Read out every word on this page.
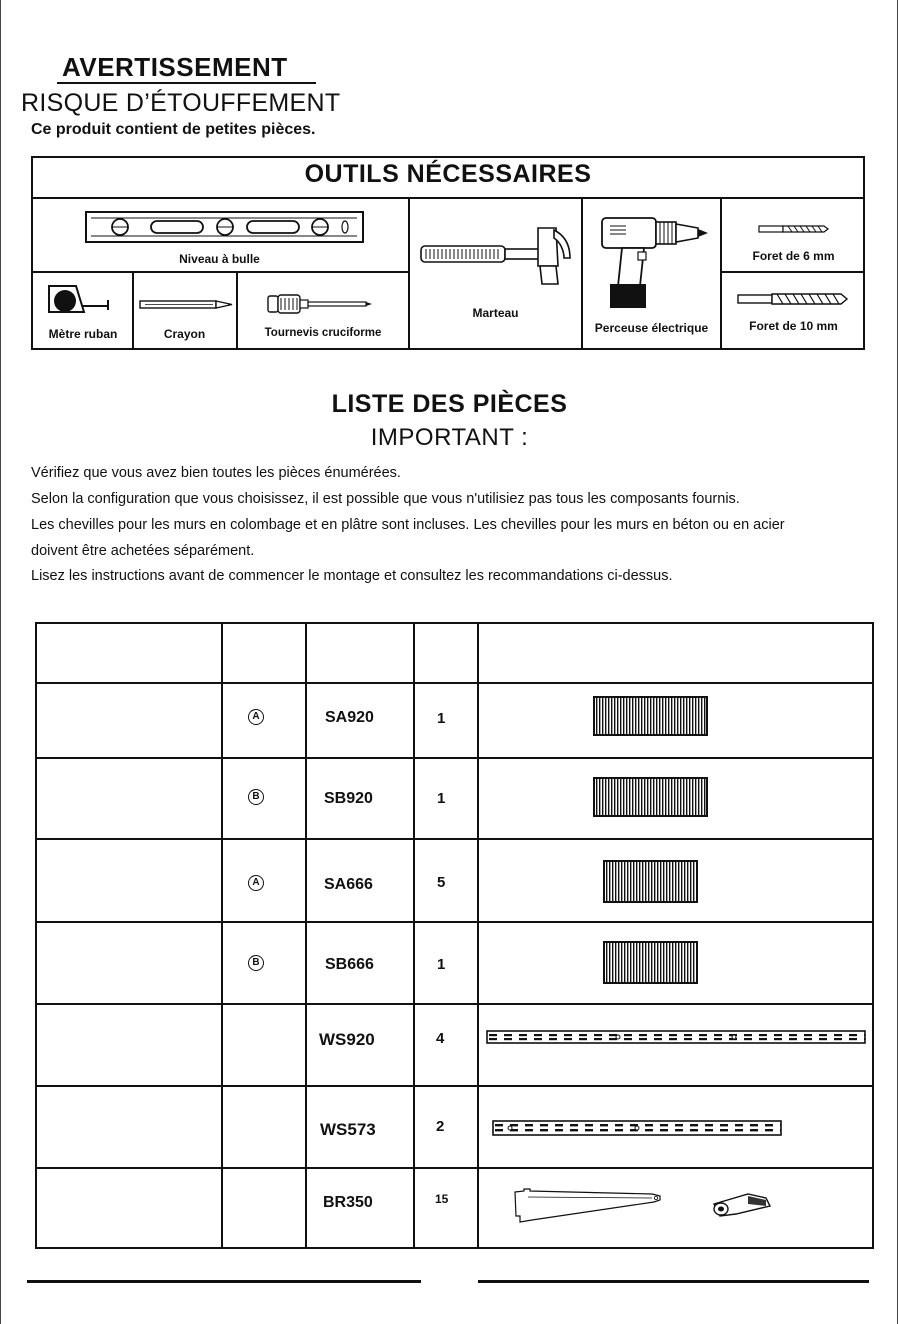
AVERTISSEMENT
RISQUE D’ÉTOUFFEMENT
Ce produit contient de petites pièces.
OUTILS NÉCESSAIRES
Niveau à bulle
Mètre ruban	Crayon	Tournevis cruciforme
Marteau
Perceuse électrique
Foret de 6 mm
Foret de 10 mm
LISTE DES PIÈCES
IMPORTANT :
Vérifiez que vous avez bien toutes les pièces énumérées.
Selon la configuration que vous choisissez, il est possible que vous n'utilisiez pas tous les composants fournis.
Les chevilles pour les murs en colombage et en plâtre sont incluses. Les chevilles pour les murs en béton ou en acier
doivent être achetées séparément.
Lisez les instructions avant de commencer le montage et consultez les recommandations ci-dessus.
A	SA920	1
B	SB920	1
A	SA666	5
B	SB666	1
WS920	4
WS573	2
BR350	15
